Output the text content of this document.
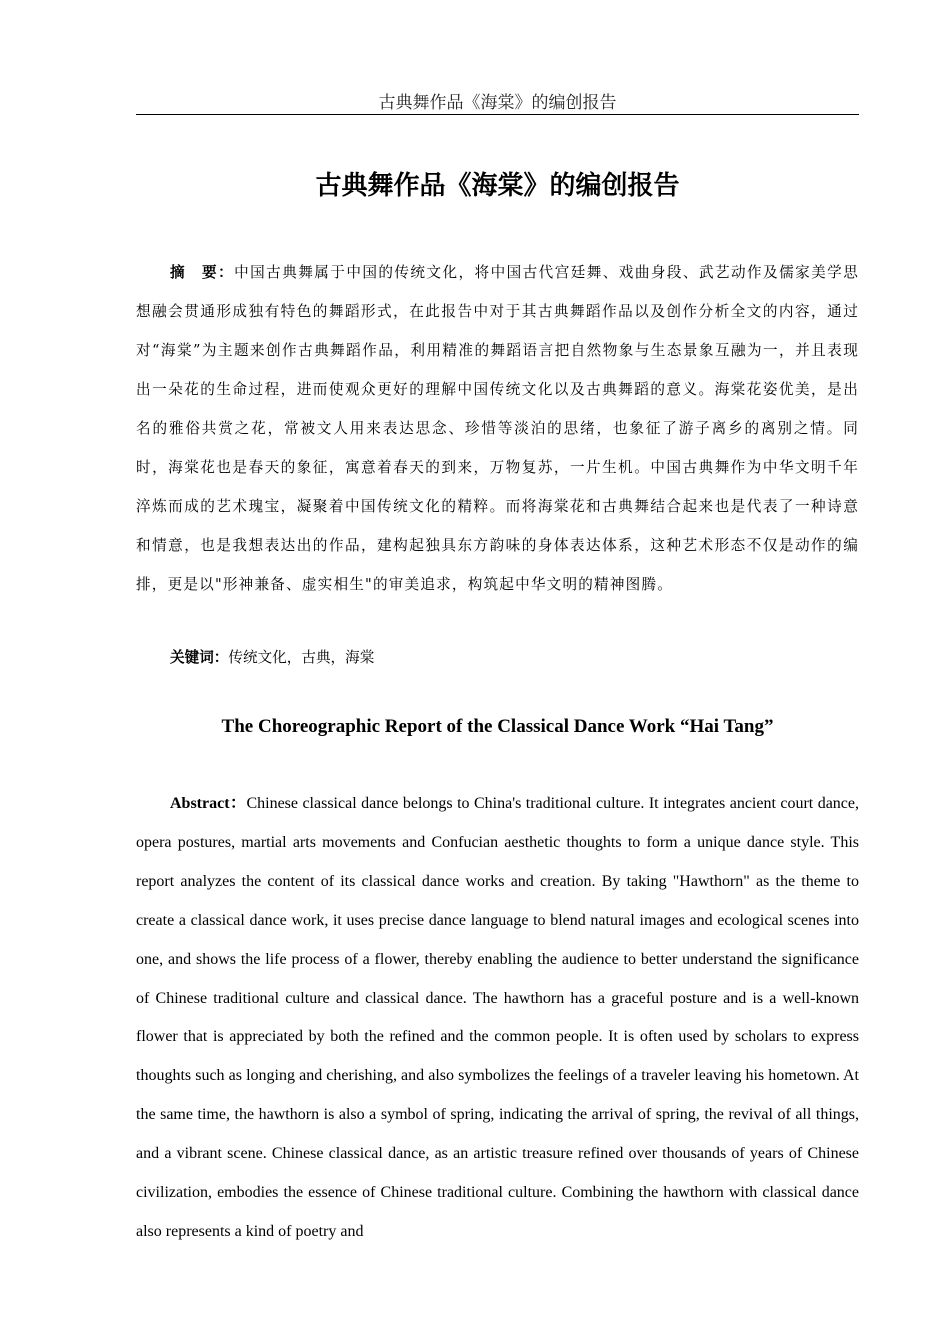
古典舞作品《海棠》的编创报告
古典舞作品《海棠》的编创报告
摘　要：中国古典舞属于中国的传统文化，将中国古代宫廷舞、戏曲身段、武艺动作及儒家美学思想融会贯通形成独有特色的舞蹈形式，在此报告中对于其古典舞蹈作品以及创作分析全文的内容，通过对“海棠”为主题来创作古典舞蹈作品，利用精准的舞蹈语言把自然物象与生态景象互融为一，并且表现出一朵花的生命过程，进而使观众更好的理解中国传统文化以及古典舞蹈的意义。海棠花姿优美，是出名的雅俗共赏之花，常被文人用来表达思念、珍惜等淡泊的思绪，也象征了游子离乡的离别之情。同时，海棠花也是春天的象征，寓意着春天的到来，万物复苏，一片生机。中国古典舞作为中华文明千年淬炼而成的艺术瑰宝，凝聚着中国传统文化的精粹。而将海棠花和古典舞结合起来也是代表了一种诗意和情意，也是我想表达出的作品，建构起独具东方韵味的身体表达体系，这种艺术形态不仅是动作的编排，更是以"形神兼备、虚实相生"的审美追求，构筑起中华文明的精神图腾。
关键词：传统文化，古典，海棠
The Choreographic Report of the Classical Dance Work “Hai Tang”
Abstract：Chinese classical dance belongs to China's traditional culture. It integrates ancient court dance, opera postures, martial arts movements and Confucian aesthetic thoughts to form a unique dance style. This report analyzes the content of its classical dance works and creation. By taking "Hawthorn" as the theme to create a classical dance work, it uses precise dance language to blend natural images and ecological scenes into one, and shows the life process of a flower, thereby enabling the audience to better understand the significance of Chinese traditional culture and classical dance. The hawthorn has a graceful posture and is a well-known flower that is appreciated by both the refined and the common people. It is often used by scholars to express thoughts such as longing and cherishing, and also symbolizes the feelings of a traveler leaving his hometown. At the same time, the hawthorn is also a symbol of spring, indicating the arrival of spring, the revival of all things, and a vibrant scene. Chinese classical dance, as an artistic treasure refined over thousands of years of Chinese civilization, embodies the essence of Chinese traditional culture. Combining the hawthorn with classical dance also represents a kind of poetry and
